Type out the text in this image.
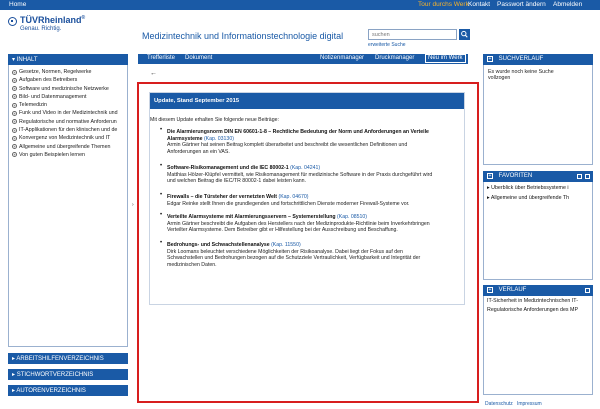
Home	Tour durchs Werk Kontakt Passwort ändern Abmelden
TÜVRheinland®
Genau. Richtig.
Medizintechnik und Informationstechnologie digital
suchen
erweiterte Suche
▾ INHALT
+ Gesetze, Normen, Regelwerke
+ Aufgaben des Betreibers
+ Software und medizinische Netzwerke
+ Bild- und Datenmanagement
+ Telemedizin
+ Funk und Video in der Medizintechnik und
+ Regulatorische und normative Anforderun
+ IT-Applikationen für den klinischen und de
+ Konvergenz von Medizintechnik und IT
+ Allgemeine und übergreifende Themen
+ Von guten Beispielen lernen
▸ ARBEITSHILFENVERZEICHNIS
▸ STICHWORTVERZEICHNIS
▸ AUTORENVERZEICHNIS
›
Trefferliste Dokument	Notizenmanager Druckmanager	Neu im Werk
←
Update, Stand September 2015
Mit diesem Update erhalten Sie folgende neue Beiträge:
• Die Alarmierungsnorm DIN EN 60601-1-8 – Rechtliche Bedeutung der Norm und Anforderungen an Verteile
Alarmsysteme (Kap. 03130)
Armin Gärtner hat seinen Beitrag komplett überarbeitet und beschreibt die wesentlichen Definitionen und
Anforderungen an ein VAS.
• Software-Risikomanagement und die IEC 80002-1 (Kap. 04241)
Matthias Hölzer-Klüpfel vermittelt, wie Risikomanagement für medizinische Software in der Praxis durchgeführt wird
und welchen Beitrag die IEC/TR 80002-1 dabei leisten kann.
• Firewalls – die Türsteher der vernetzten Welt (Kap. 04670)
Edgar Reinke stellt Ihnen die grundlegenden und fortschrittlichen Dienste moderner Firewall-Systeme vor.
• Verteilte Alarmsysteme mit Alarmierungsservern – Systemerstellung (Kap. 08510)
Armin Gärtner beschreibt die Aufgaben des Herstellers nach der Medizinprodukte-Richtlinie beim Inverkehrbringen
Verteilter Alarmsysteme. Dem Betreiber gibt er Hilfestellung bei der Ausschreibung und Beschaffung.
• Bedrohungs- und Schwachstellenanalyse (Kap. 11550)
Dirk Loomans beleuchtet verschiedene Möglichkeiten der Risikoanalyse. Dabei liegt der Fokus auf den
Schwachstellen und Bedrohungen bezogen auf die Schutzziele Vertraulichkeit, Verfügbarkeit und Integrität der
medizinischen Daten.
+ SUCHVERLAUF
Es wurde noch keine Suche
vollzogen
+ FAVORITEN
▸ Überblick über Betriebssysteme i
▸ Allgemeine und übergreifende Th
+ VERLAUF
IT-Sicherheit in Medizintechnischen IT-
Regulatorische Anforderungen des MP
Datenschutz Impressum
